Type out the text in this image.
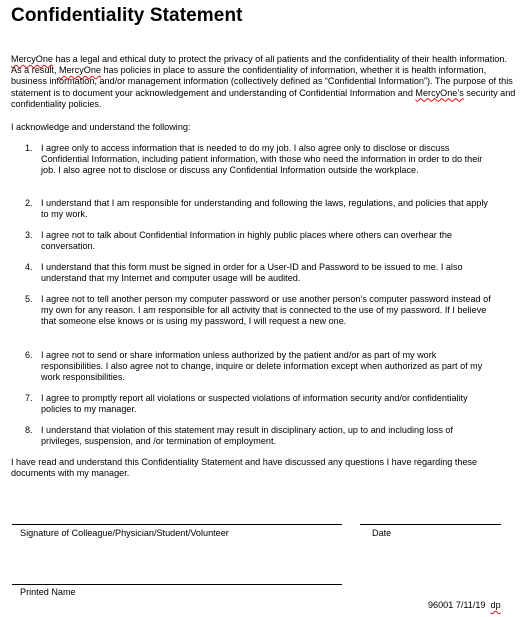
Confidentiality Statement
MercyOne has a legal and ethical duty to protect the privacy of all patients and the confidentiality of their health information. As a result, MercyOne has policies in place to assure the confidentiality of information, whether it is health information, business information, and/or management information (collectively defined as “Confidential Information”). The purpose of this statement is to document your acknowledgement and understanding of Confidential Information and MercyOne’s security and confidentiality policies.
I acknowledge and understand the following:
1. I agree only to access information that is needed to do my job. I also agree only to disclose or discuss Confidential Information, including patient information, with those who need the information in order to do their job. I also agree not to disclose or discuss any Confidential Information outside the workplace.
2. I understand that I am responsible for understanding and following the laws, regulations, and policies that apply to my work.
3. I agree not to talk about Confidential Information in highly public places where others can overhear the conversation.
4. I understand that this form must be signed in order for a User-ID and Password to be issued to me. I also understand that my Internet and computer usage will be audited.
5. I agree not to tell another person my computer password or use another person’s computer password instead of my own for any reason. I am responsible for all activity that is connected to the use of my password. If I believe that someone else knows or is using my password, I will request a new one.
6. I agree not to send or share information unless authorized by the patient and/or as part of my work responsibilities. I also agree not to change, inquire or delete information except when authorized as part of my work responsibilities.
7. I agree to promptly report all violations or suspected violations of information security and/or confidentiality policies to my manager.
8. I understand that violation of this statement may result in disciplinary action, up to and including loss of privileges, suspension, and /or termination of employment.
I have read and understand this Confidentiality Statement and have discussed any questions I have regarding these documents with my manager.
Signature of Colleague/Physician/Student/Volunteer	Date
Printed Name
96001 7/11/19 dp
